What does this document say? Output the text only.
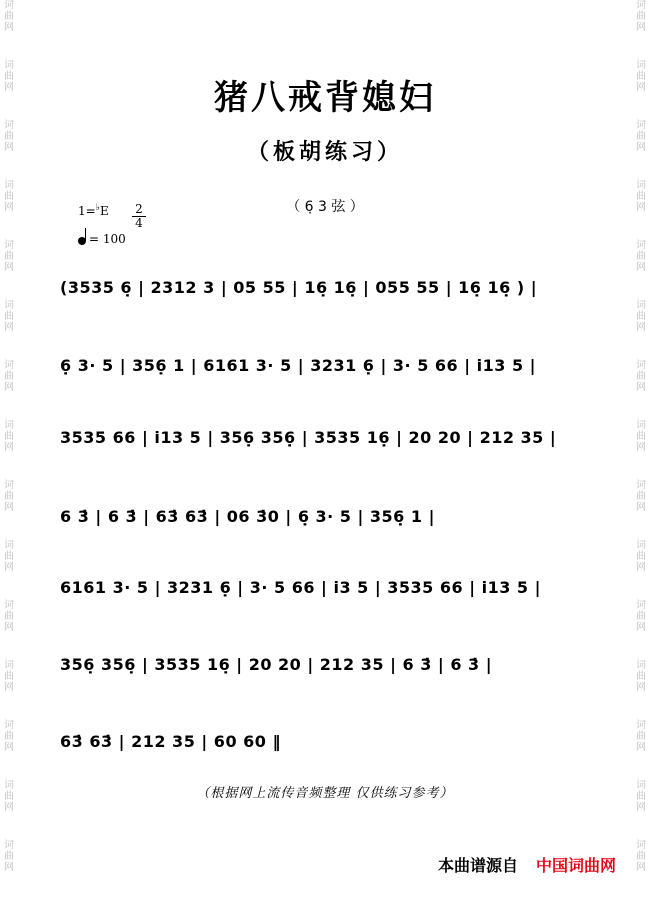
词
曲
网
词
曲
网
词
曲
网
词
曲
网
词
曲
网
词
曲
网
词
曲
网
词
曲
网
词
曲
网
词
曲
网
词
曲
网
词
曲
网
词
曲
网
词
曲
网
词
曲
网
词
曲
网
词
曲
网
词
曲
网
词
曲
网
词
曲
网
词
曲
网
词
曲
网
词
曲
网
词
曲
网
词
曲
网
词
曲
网
词
曲
网
词
曲
网
词
曲
网
词
曲
网
猪八戒背媳妇
（板胡练习）
（ 6̣ 3 弦 ）
1=♭E 2
4
= 100
(3535 6̣ | 2312 3 | 05 55 | 16̣ 16̣ | 055 55 | 16̣ 16̣ ) |
6̣ 3· 5 | 356̣ 1 | 6161 3· 5 | 3231 6̣ | 3· 5 66 | i13 5 |
3535 66 | i13 5 | 356̣ 356̣ | 3535 16̣ | 20 20 | 212 35 |
6 3̇ | 6 3̇ | 63̇ 63̇ | 06 3̇0 | 6̣ 3· 5 | 356̣ 1 |
6161 3· 5 | 3231 6̣ | 3· 5 66 | i3 5 | 3535 66 | i13 5 |
356̣ 356̣ | 3535 16̣ | 20 20 | 212 35 | 6 3̇ | 6 3̇ |
63̇ 63̇ | 212 35 | 60 60 ‖
（根据网上流传音频整理 仅供练习参考）
本曲谱源自 中国词曲网
